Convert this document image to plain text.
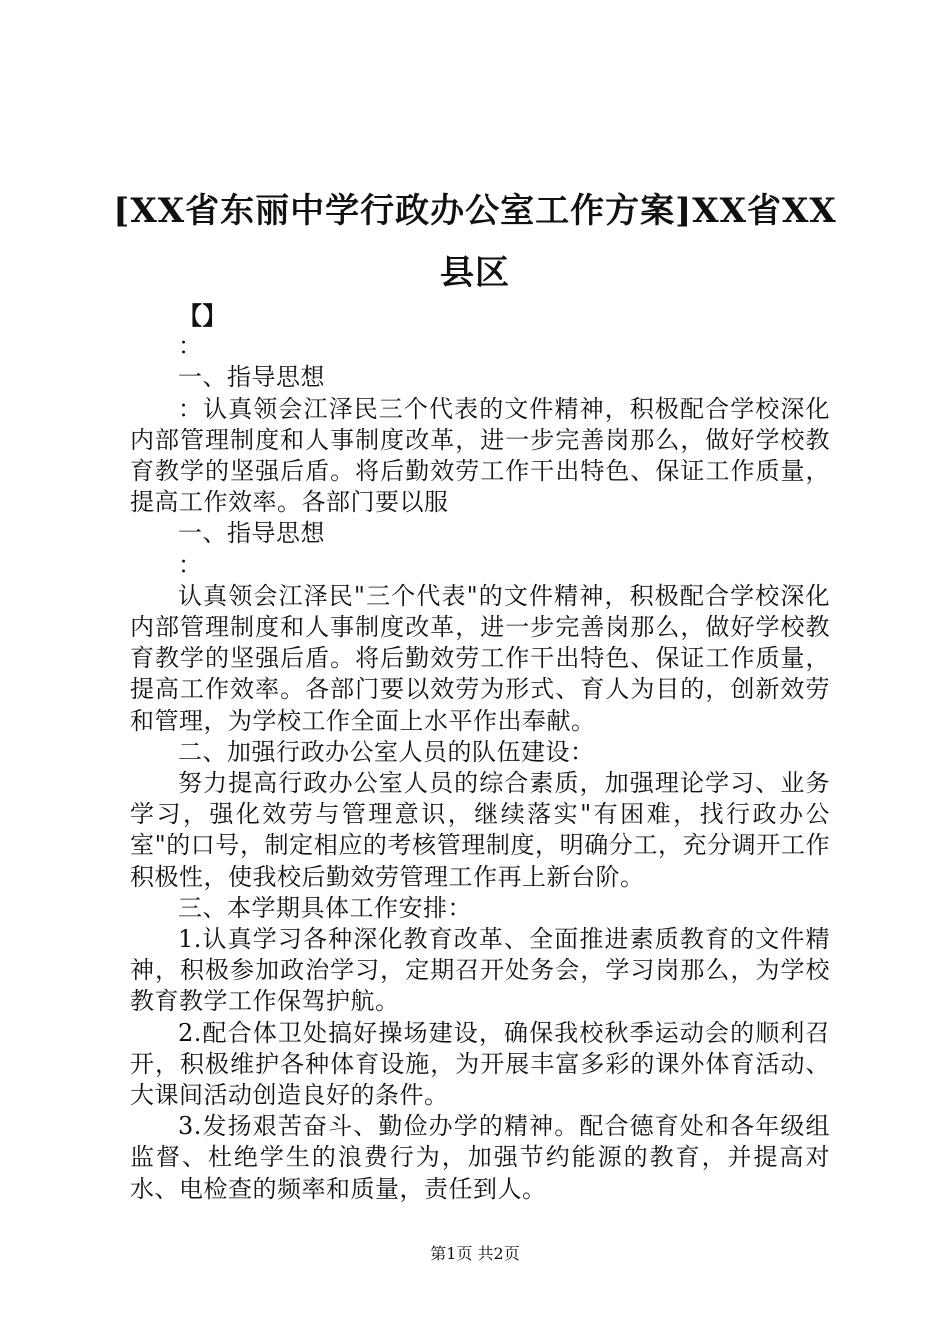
[XX省东丽中学行政办公室工作方案]XX省XX县区

【】

：

一、指导思想

：认真领会江泽民三个代表的文件精神，积极配合学校深化内部管理制度和人事制度改革，进一步完善岗那么，做好学校教育教学的坚强后盾。将后勤效劳工作干出特色、保证工作质量，提高工作效率。各部门要以服

一、指导思想

：

认真领会江泽民"三个代表"的文件精神，积极配合学校深化内部管理制度和人事制度改革，进一步完善岗那么，做好学校教育教学的坚强后盾。将后勤效劳工作干出特色、保证工作质量，提高工作效率。各部门要以效劳为形式、育人为目的，创新效劳和管理，为学校工作全面上水平作出奉献。

二、加强行政办公室人员的队伍建设：

努力提高行政办公室人员的综合素质，加强理论学习、业务学习，强化效劳与管理意识，继续落实"有困难，找行政办公室"的口号，制定相应的考核管理制度，明确分工，充分调开工作积极性，使我校后勤效劳管理工作再上新台阶。

三、本学期具体工作安排：

1.认真学习各种深化教育改革、全面推进素质教育的文件精神，积极参加政治学习，定期召开处务会，学习岗那么，为学校教育教学工作保驾护航。

2.配合体卫处搞好操场建设，确保我校秋季运动会的顺利召开，积极维护各种体育设施，为开展丰富多彩的课外体育活动、大课间活动创造良好的条件。

3.发扬艰苦奋斗、勤俭办学的精神。配合德育处和各年级组监督、杜绝学生的浪费行为，加强节约能源的教育，并提高对水、电检查的频率和质量，责任到人。

第1页 共2页
